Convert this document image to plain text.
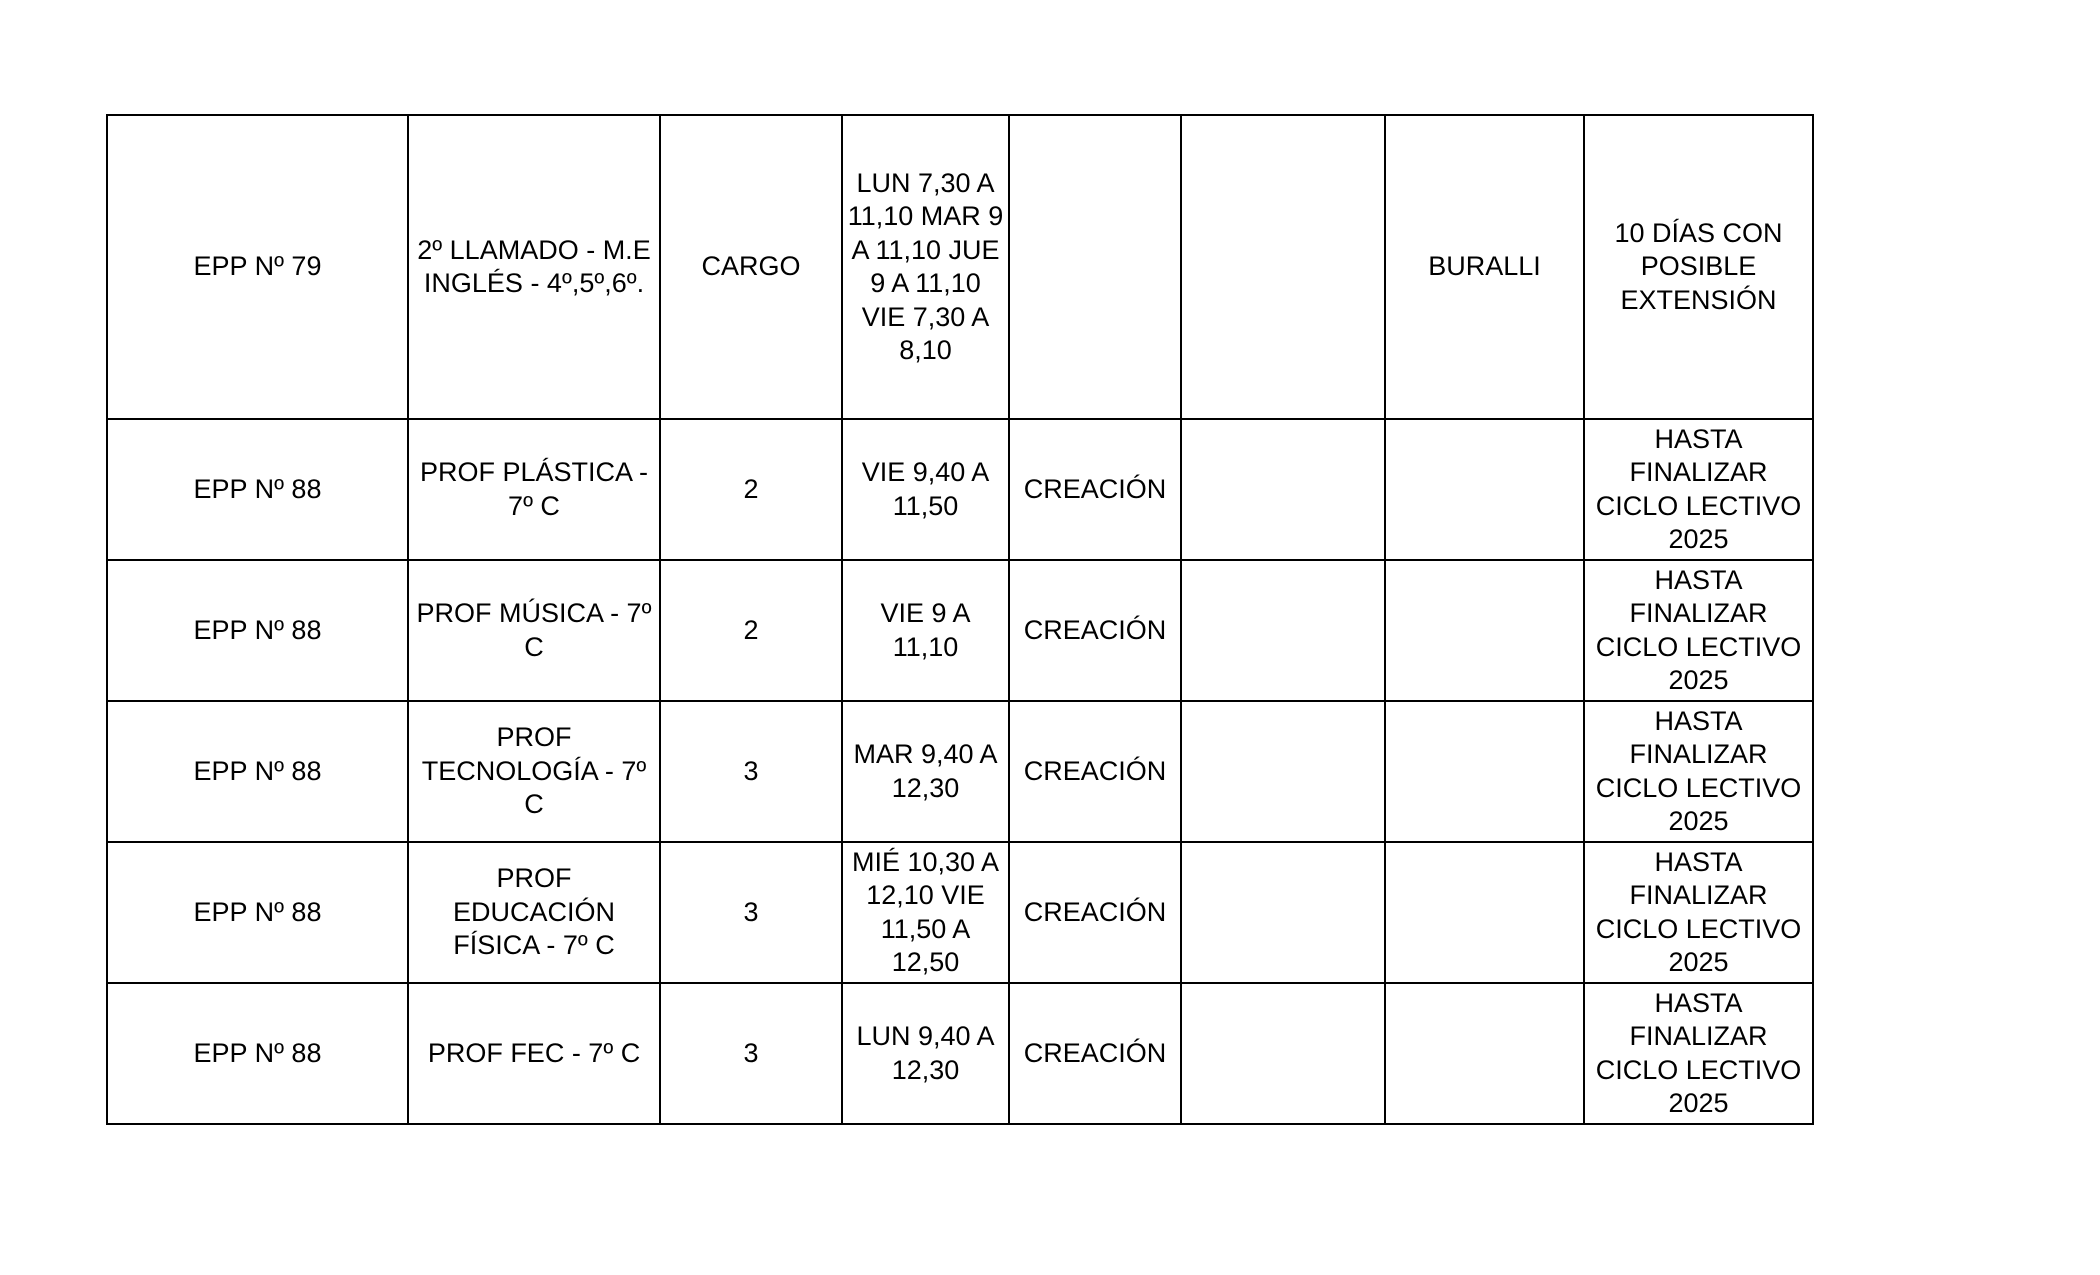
EPP Nº 79	2º LLAMADO - M.E INGLÉS - 4º,5º,6º.	CARGO	LUN 7,30 A 11,10 MAR 9 A 11,10 JUE 9 A 11,10 VIE 7,30 A 8,10			BURALLI	10 DÍAS CON POSIBLE EXTENSIÓN

EPP Nº 88	PROF PLÁSTICA - 7º C	2	VIE 9,40 A 11,50	CREACIÓN			HASTA FINALIZAR CICLO LECTIVO 2025

EPP Nº 88	PROF MÚSICA - 7º C	2	VIE 9 A 11,10	CREACIÓN			HASTA FINALIZAR CICLO LECTIVO 2025

EPP Nº 88	PROF TECNOLOGÍA - 7º C	3	MAR 9,40 A 12,30	CREACIÓN			HASTA FINALIZAR CICLO LECTIVO 2025

EPP Nº 88	PROF EDUCACIÓN FÍSICA - 7º C	3	MIÉ 10,30 A 12,10 VIE 11,50 A 12,50	CREACIÓN			HASTA FINALIZAR CICLO LECTIVO 2025

EPP Nº 88	PROF FEC - 7º C	3	LUN 9,40 A 12,30	CREACIÓN			HASTA FINALIZAR CICLO LECTIVO 2025
